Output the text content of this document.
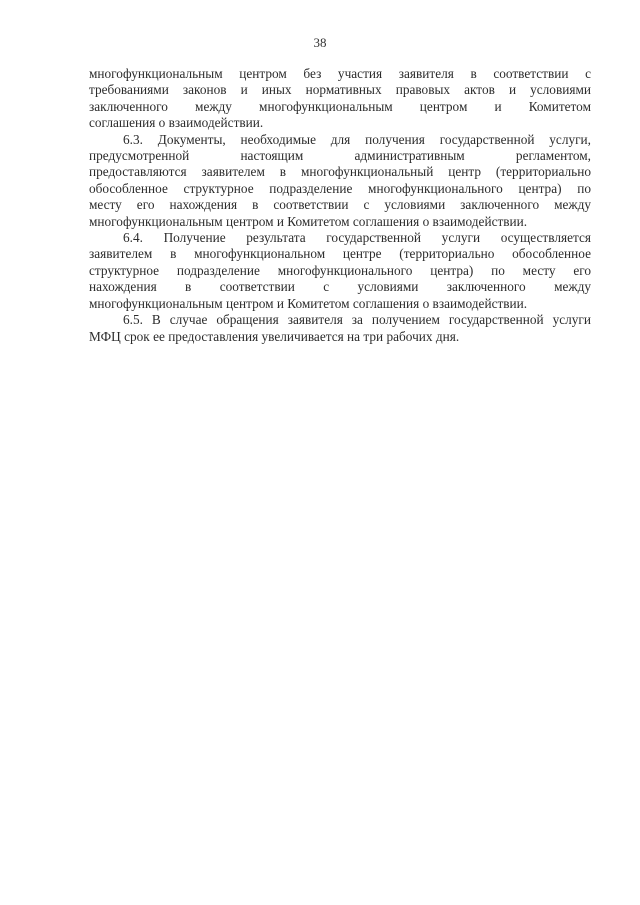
38
многофункциональным центром без участия заявителя в соответствии с
требованиями законов и иных нормативных правовых актов и условиями
заключенного между многофункциональным центром и Комитетом
соглашения о взаимодействии.
6.3. Документы, необходимые для получения государственной услуги,
предусмотренной настоящим административным регламентом,
предоставляются заявителем в многофункциональный центр (территориально
обособленное структурное подразделение многофункционального центра) по
месту его нахождения в соответствии с условиями заключенного между
многофункциональным центром и Комитетом соглашения о взаимодействии.
6.4. Получение результата государственной услуги осуществляется
заявителем в многофункциональном центре (территориально обособленное
структурное подразделение многофункционального центра) по месту его
нахождения в соответствии с условиями заключенного между
многофункциональным центром и Комитетом соглашения о взаимодействии.
6.5. В случае обращения заявителя за получением государственной услуги
МФЦ срок ее предоставления увеличивается на три рабочих дня.
